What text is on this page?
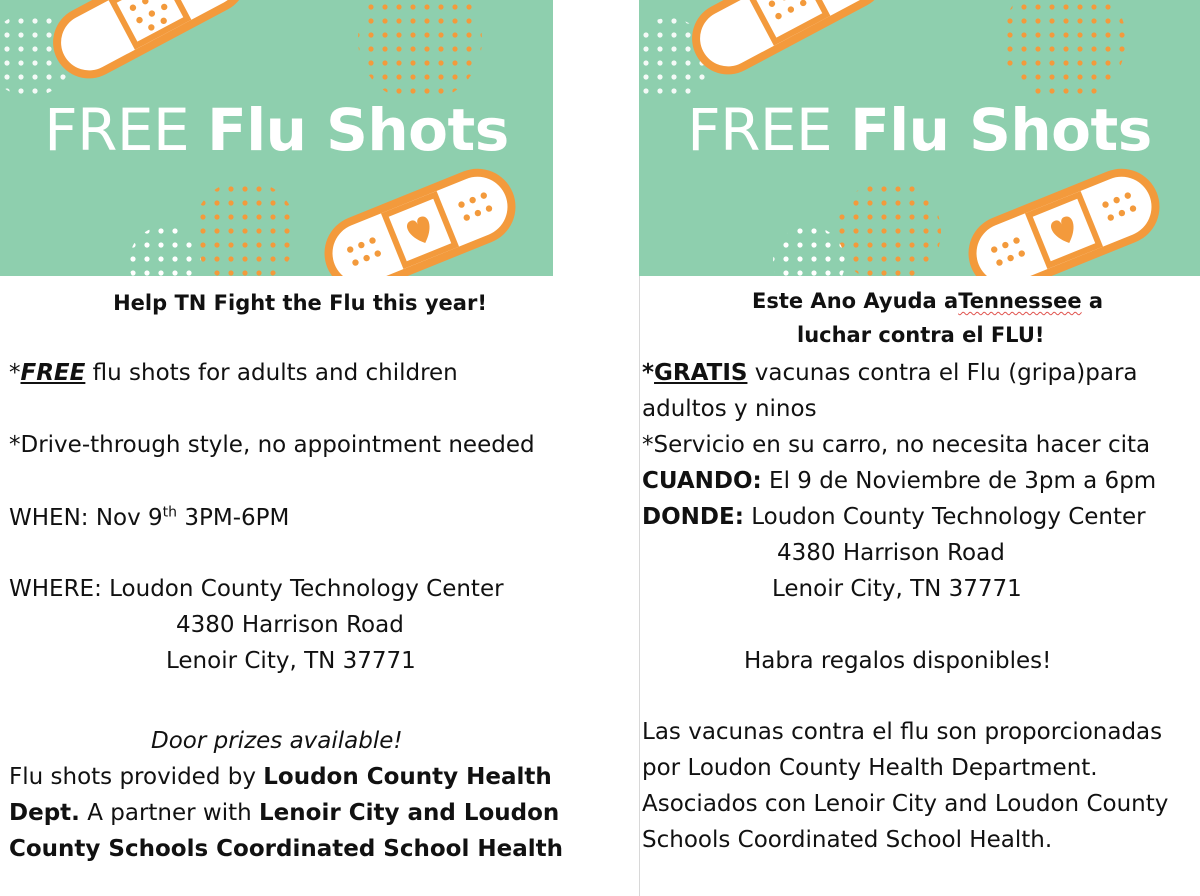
FREE Flu Shots	FREE Flu Shots
Help TN Fight the Flu this year!
*FREE flu shots for adults and children
*Drive-through style, no appointment needed
WHEN: Nov 9th 3PM-6PM
WHERE: Loudon County Technology Center
4380 Harrison Road
Lenoir City, TN 37771
Door prizes available!
Flu shots provided by Loudon County Health
Dept. A partner with Lenoir City and Loudon
County Schools Coordinated School Health
Este Ano Ayuda aTennessee a
luchar contra el FLU!
*GRATIS vacunas contra el Flu (gripa)para
adultos y ninos
*Servicio en su carro, no necesita hacer cita
CUANDO: El 9 de Noviembre de 3pm a 6pm
DONDE: Loudon County Technology Center
4380 Harrison Road
Lenoir City, TN 37771
Habra regalos disponibles!
Las vacunas contra el flu son proporcionadas
por Loudon County Health Department.
Asociados con Lenoir City and Loudon County
Schools Coordinated School Health.
